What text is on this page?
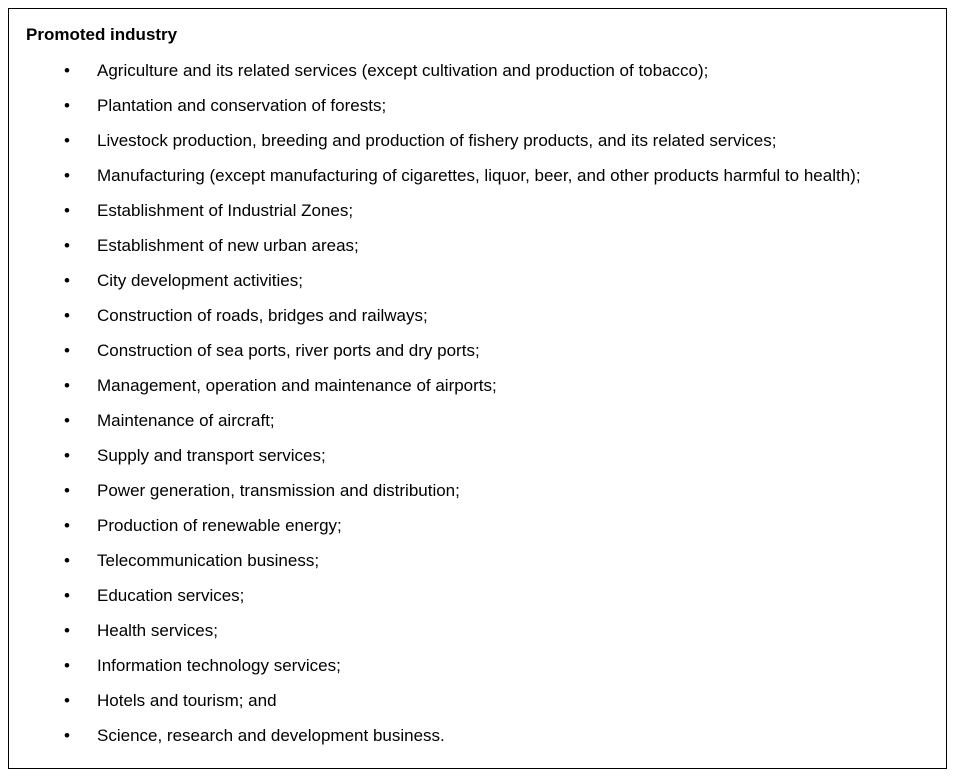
Promoted industry
• Agriculture and its related services (except cultivation and production of tobacco);
• Plantation and conservation of forests;
• Livestock production, breeding and production of fishery products, and its related services;
• Manufacturing (except manufacturing of cigarettes, liquor, beer, and other products harmful to health);
• Establishment of Industrial Zones;
• Establishment of new urban areas;
• City development activities;
• Construction of roads, bridges and railways;
• Construction of sea ports, river ports and dry ports;
• Management, operation and maintenance of airports;
• Maintenance of aircraft;
• Supply and transport services;
• Power generation, transmission and distribution;
• Production of renewable energy;
• Telecommunication business;
• Education services;
• Health services;
• Information technology services;
• Hotels and tourism; and
• Science, research and development business.
